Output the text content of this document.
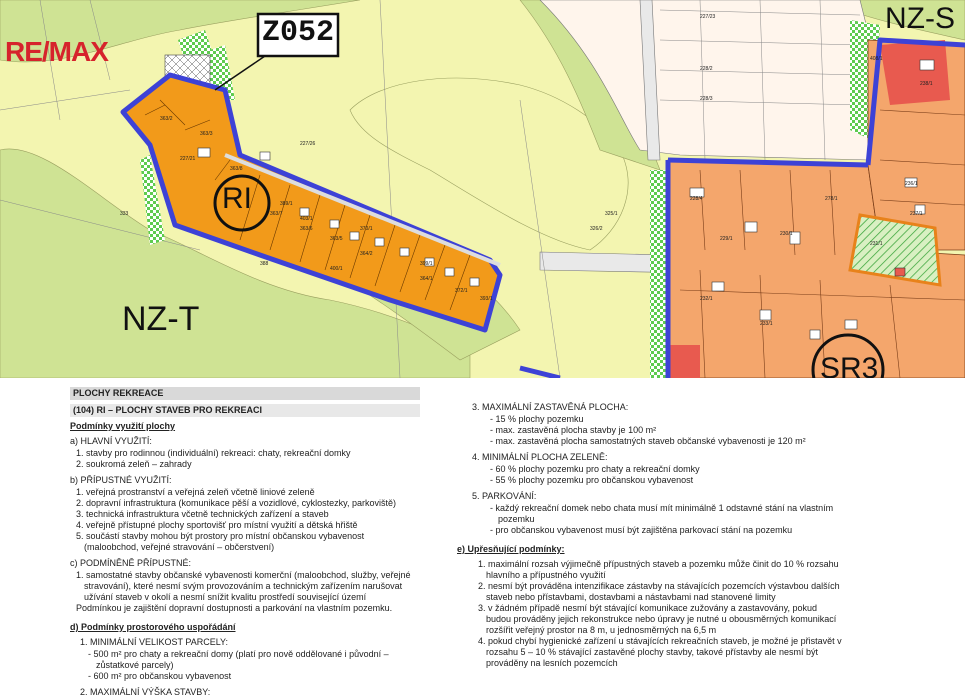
363/2
363/3
363/8
363/7
363/6
363/5
364/2
364/1
372/1
227/21
227/26
227/23
228/2
228/3
228/4
229/1
230/1
231/1
232/1
233/1
236/1
237/1
238/1
278/1
325/1
326/2
333
388
389/1
399/1
400/1
403/1
408/1
393/1
370/1
RE/MAX
Z052
RI
NZ-T
NZ-S
SR3
PLOCHY REKREACE
(104) RI – PLOCHY STAVEB PRO REKREACI
Podmínky využití plochy
a) HLAVNÍ VYUŽITÍ:
1. stavby pro rodinnou (individuální) rekreaci: chaty, rekreační domky
2. soukromá zeleň – zahrady
b) PŘÍPUSTNÉ VYUŽITÍ:
1. veřejná prostranství a veřejná zeleň včetně liniové zeleně
2. dopravní infrastruktura (komunikace pěší a vozidlové, cyklostezky, parkoviště)
3. technická infrastruktura včetně technických zařízení a staveb
4. veřejně přístupné plochy sportovišť pro místní využití a dětská hřiště
5. součástí stavby mohou být prostory pro místní občanskou vybavenost (maloobchod, veřejné stravování – občerstvení)
c) PODMÍNĚNĚ PŘÍPUSTNÉ:
1. samostatné stavby občanské vybavenosti komerční (maloobchod, služby, veřejné stravování), které nesmí svým provozováním a technickým zařízením narušovat užívání staveb v okolí a nesmí snížit kvalitu prostředí související území
Podmínkou je zajištění dopravní dostupnosti a parkování na vlastním pozemku.
d) Podmínky prostorového uspořádání
1. MINIMÁLNÍ VELIKOST PARCELY:
- 500 m² pro chaty a rekreační domy (platí pro nově oddělované i původní – zůstatkové parcely)
- 600 m² pro občanskou vybavenost
2. MAXIMÁLNÍ VÝŠKA STAVBY:
3. MAXIMÁLNÍ ZASTAVĚNÁ PLOCHA:
- 15 % plochy pozemku
- max. zastavěná plocha stavby je 100 m²
- max. zastavěná plocha samostatných staveb občanské vybavenosti je 120 m²
4. MINIMÁLNÍ PLOCHA ZELENĚ:
- 60 % plochy pozemku pro chaty a rekreační domky
- 55 % plochy pozemku pro občanskou vybavenost
5. PARKOVÁNÍ:
- každý rekreační domek nebo chata musí mít minimálně 1 odstavné stání na vlastním pozemku
- pro občanskou vybavenost musí být zajištěna parkovací stání na pozemku
e) Upřesňující podmínky:
1. maximální rozsah výjimečně přípustných staveb a pozemku může činit do 10 % rozsahu hlavního a přípustného využití
2. nesmí být prováděna intenzifikace zástavby na stávajících pozemcích výstavbou dalších staveb nebo přístavbami, dostavbami a nástavbami nad stanovené limity
3. v žádném případě nesmí být stávající komunikace zužovány a zastavovány, pokud budou prováděny jejich rekonstrukce nebo úpravy je nutné u obousměrných komunikací rozšířit veřejný prostor na 8 m, u jednosměrných na 6,5 m
4. pokud chybí hygienické zařízení u stávajících rekreačních staveb, je možné je přistavět v rozsahu 5 – 10 % stávající zastavěné plochy stavby, takové přístavby ale nesmí být prováděny na lesních pozemcích
